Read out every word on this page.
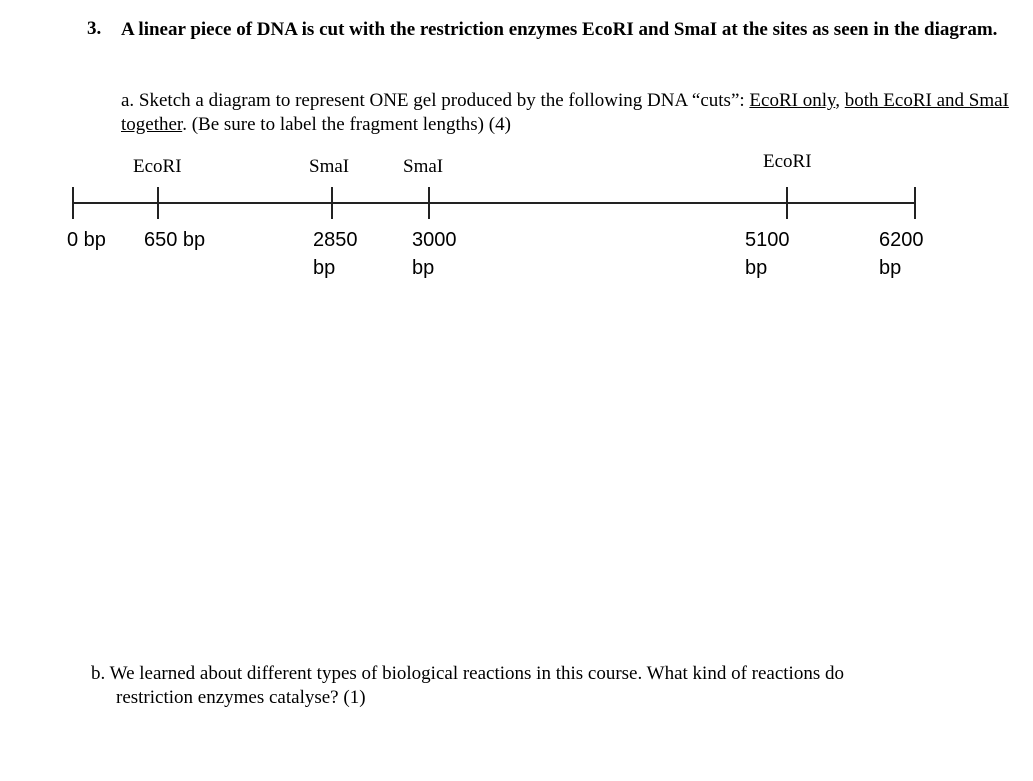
3. A linear piece of DNA is cut with the restriction enzymes EcoRI and SmaI at the sites as seen in the diagram.
a. Sketch a diagram to represent ONE gel produced by the following DNA “cuts”: EcoRI only, both EcoRI and SmaI together. (Be sure to label the fragment lengths) (4)
EcoRI	SmaI	SmaI	EcoRI
0 bp 650 bp	2850 bp
3000 bp
5100 bp
6200 bp
b. We learned about different types of biological reactions in this course. What kind of reactions do
restriction enzymes catalyse? (1)
